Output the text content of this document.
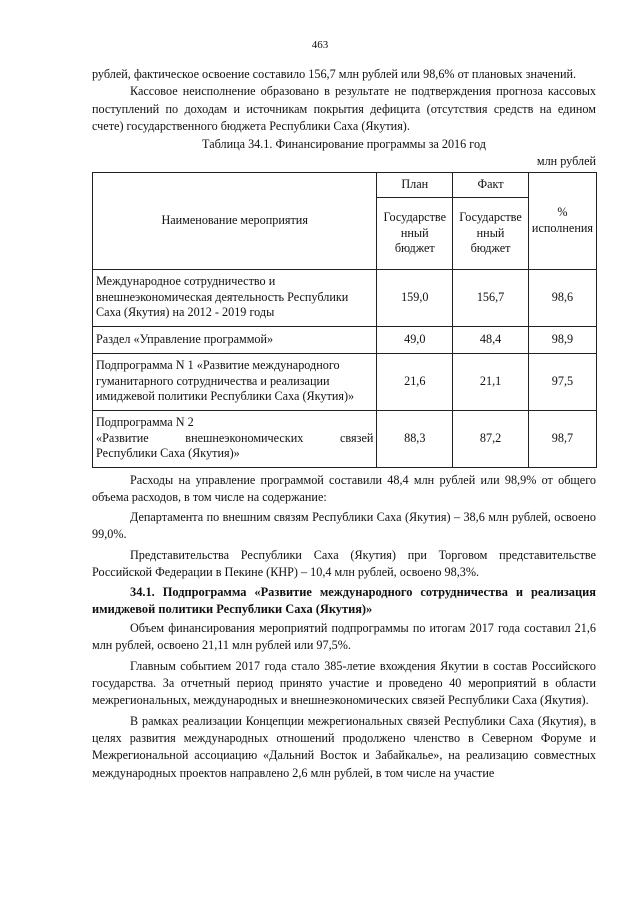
463

рублей, фактическое освоение составило 156,7 млн рублей или 98,6% от плановых значений.

Кассовое неисполнение образовано в результате не подтверждения прогноза кассовых поступлений по доходам и источникам покрытия дефицита (отсутствия средств на едином счете) государственного бюджета Республики Саха (Якутия).

Таблица 34.1. Финансирование программы за 2016 год

млн рублей

Наименование мероприятия	План	Факт	% исполнения
	Государстве нный бюджет	Государстве нный бюджет	
Международное сотрудничество и внешнеэкономическая деятельность Республики Саха (Якутия) на 2012 - 2019 годы	159,0	156,7	98,6
Раздел «Управление программой»	49,0	48,4	98,9
Подпрограмма N 1 «Развитие международного гуманитарного сотрудничества и реализации имиджевой политики Республики Саха (Якутия)»	21,6	21,1	97,5

Подпрограмма N 2
«Развитие внешнеэкономических связей
Республики Саха (Якутия)»	88,3	87,2	98,7

Расходы на управление программой составили 48,4 млн рублей или 98,9% от общего объема расходов, в том числе на содержание:

Департамента по внешним связям Республики Саха (Якутия) – 38,6 млн рублей, освоено 99,0%.

Представительства Республики Саха (Якутия) при Торговом представительстве Российской Федерации в Пекине (КНР) – 10,4 млн рублей, освоено 98,3%.

34.1. Подпрограмма «Развитие международного сотрудничества и реализация имиджевой политики Республики Саха (Якутия)»

Объем финансирования мероприятий подпрограммы по итогам 2017 года составил 21,6 млн рублей, освоено 21,11 млн рублей или 97,5%.

Главным событием 2017 года стало 385-летие вхождения Якутии в состав Российского государства. За отчетный период принято участие и проведено 40 мероприятий в области межрегиональных, международных и внешнеэкономических связей Республики Саха (Якутия).

В рамках реализации Концепции межрегиональных связей Республики Саха (Якутия), в целях развития международных отношений продолжено членство в Северном Форуме и Межрегиональной ассоциацию «Дальний Восток и Забайкалье», на реализацию совместных международных проектов направлено 2,6 млн рублей, в том числе на участие
